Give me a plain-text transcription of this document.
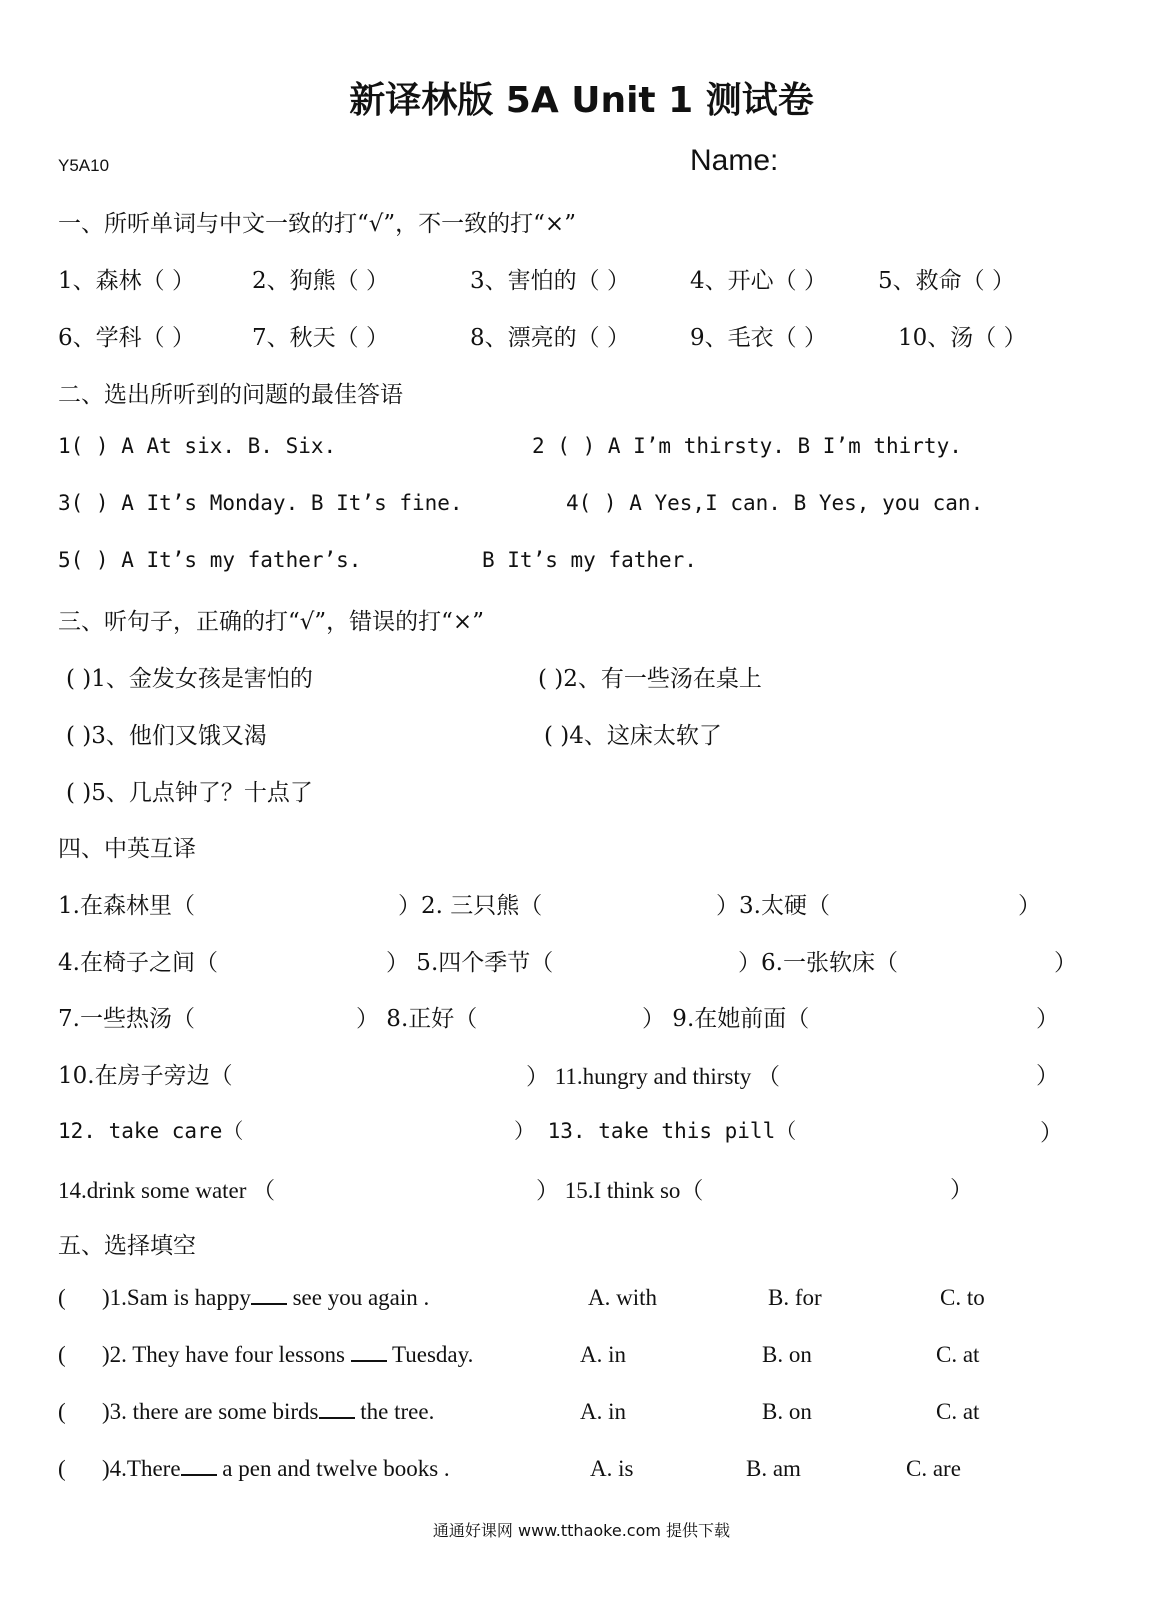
新译林版 5A Unit 1 测试卷
Y5A10	Name:
一、所听单词与中文一致的打“√”，不一致的打“×”
1、森林（ ） 2、狗熊（ ）	3、害怕的（ ）	4、开心（ ） 5、救命（ ）
6、学科（ ） 7、秋天（ ）	8、漂亮的（ ）	9、毛衣（ ）	10、汤（ ）
二、选出所听到的问题的最佳答语
1( ) A At six. B. Six.	2 ( ) A I’m thirsty. B I’m thirty.
3( ) A It’s Monday. B It’s fine.	4( ) A Yes,I can. B Yes, you can.
5( ) A It’s my father’s.	B It’s my father.
三、听句子，正确的打“√”，错误的打“×”
( )1、金发女孩是害怕的	( )2、有一些汤在桌上
( )3、他们又饿又渴	( )4、这床太软了
( )5、几点钟了？十点了
四、中英互译
1.在森林里（	）2. 三只熊（	）3.太硬（	）
4.在椅子之间（	） 5.四个季节（	）6.一张软床（	）
7.一些热汤（	） 8.正好（	） 9.在她前面（	）
10.在房子旁边（	） 11.hungry and thirsty （	）
12. take care（	） 13. take this pill（	）
14.drink some water （	） 15.I think so（	）
五、选择填空
( )1.Sam is happy see you again .	A. with	B. for	C. to
( )2. They have four lessons  Tuesday.	A. in	B. on	C. at
( )3. there are some birds the tree.	A. in	B. on	C. at
( )4.There a pen and twelve books .	A. is	B. am	C. are
通通好课网 www.tthaoke.com 提供下载
